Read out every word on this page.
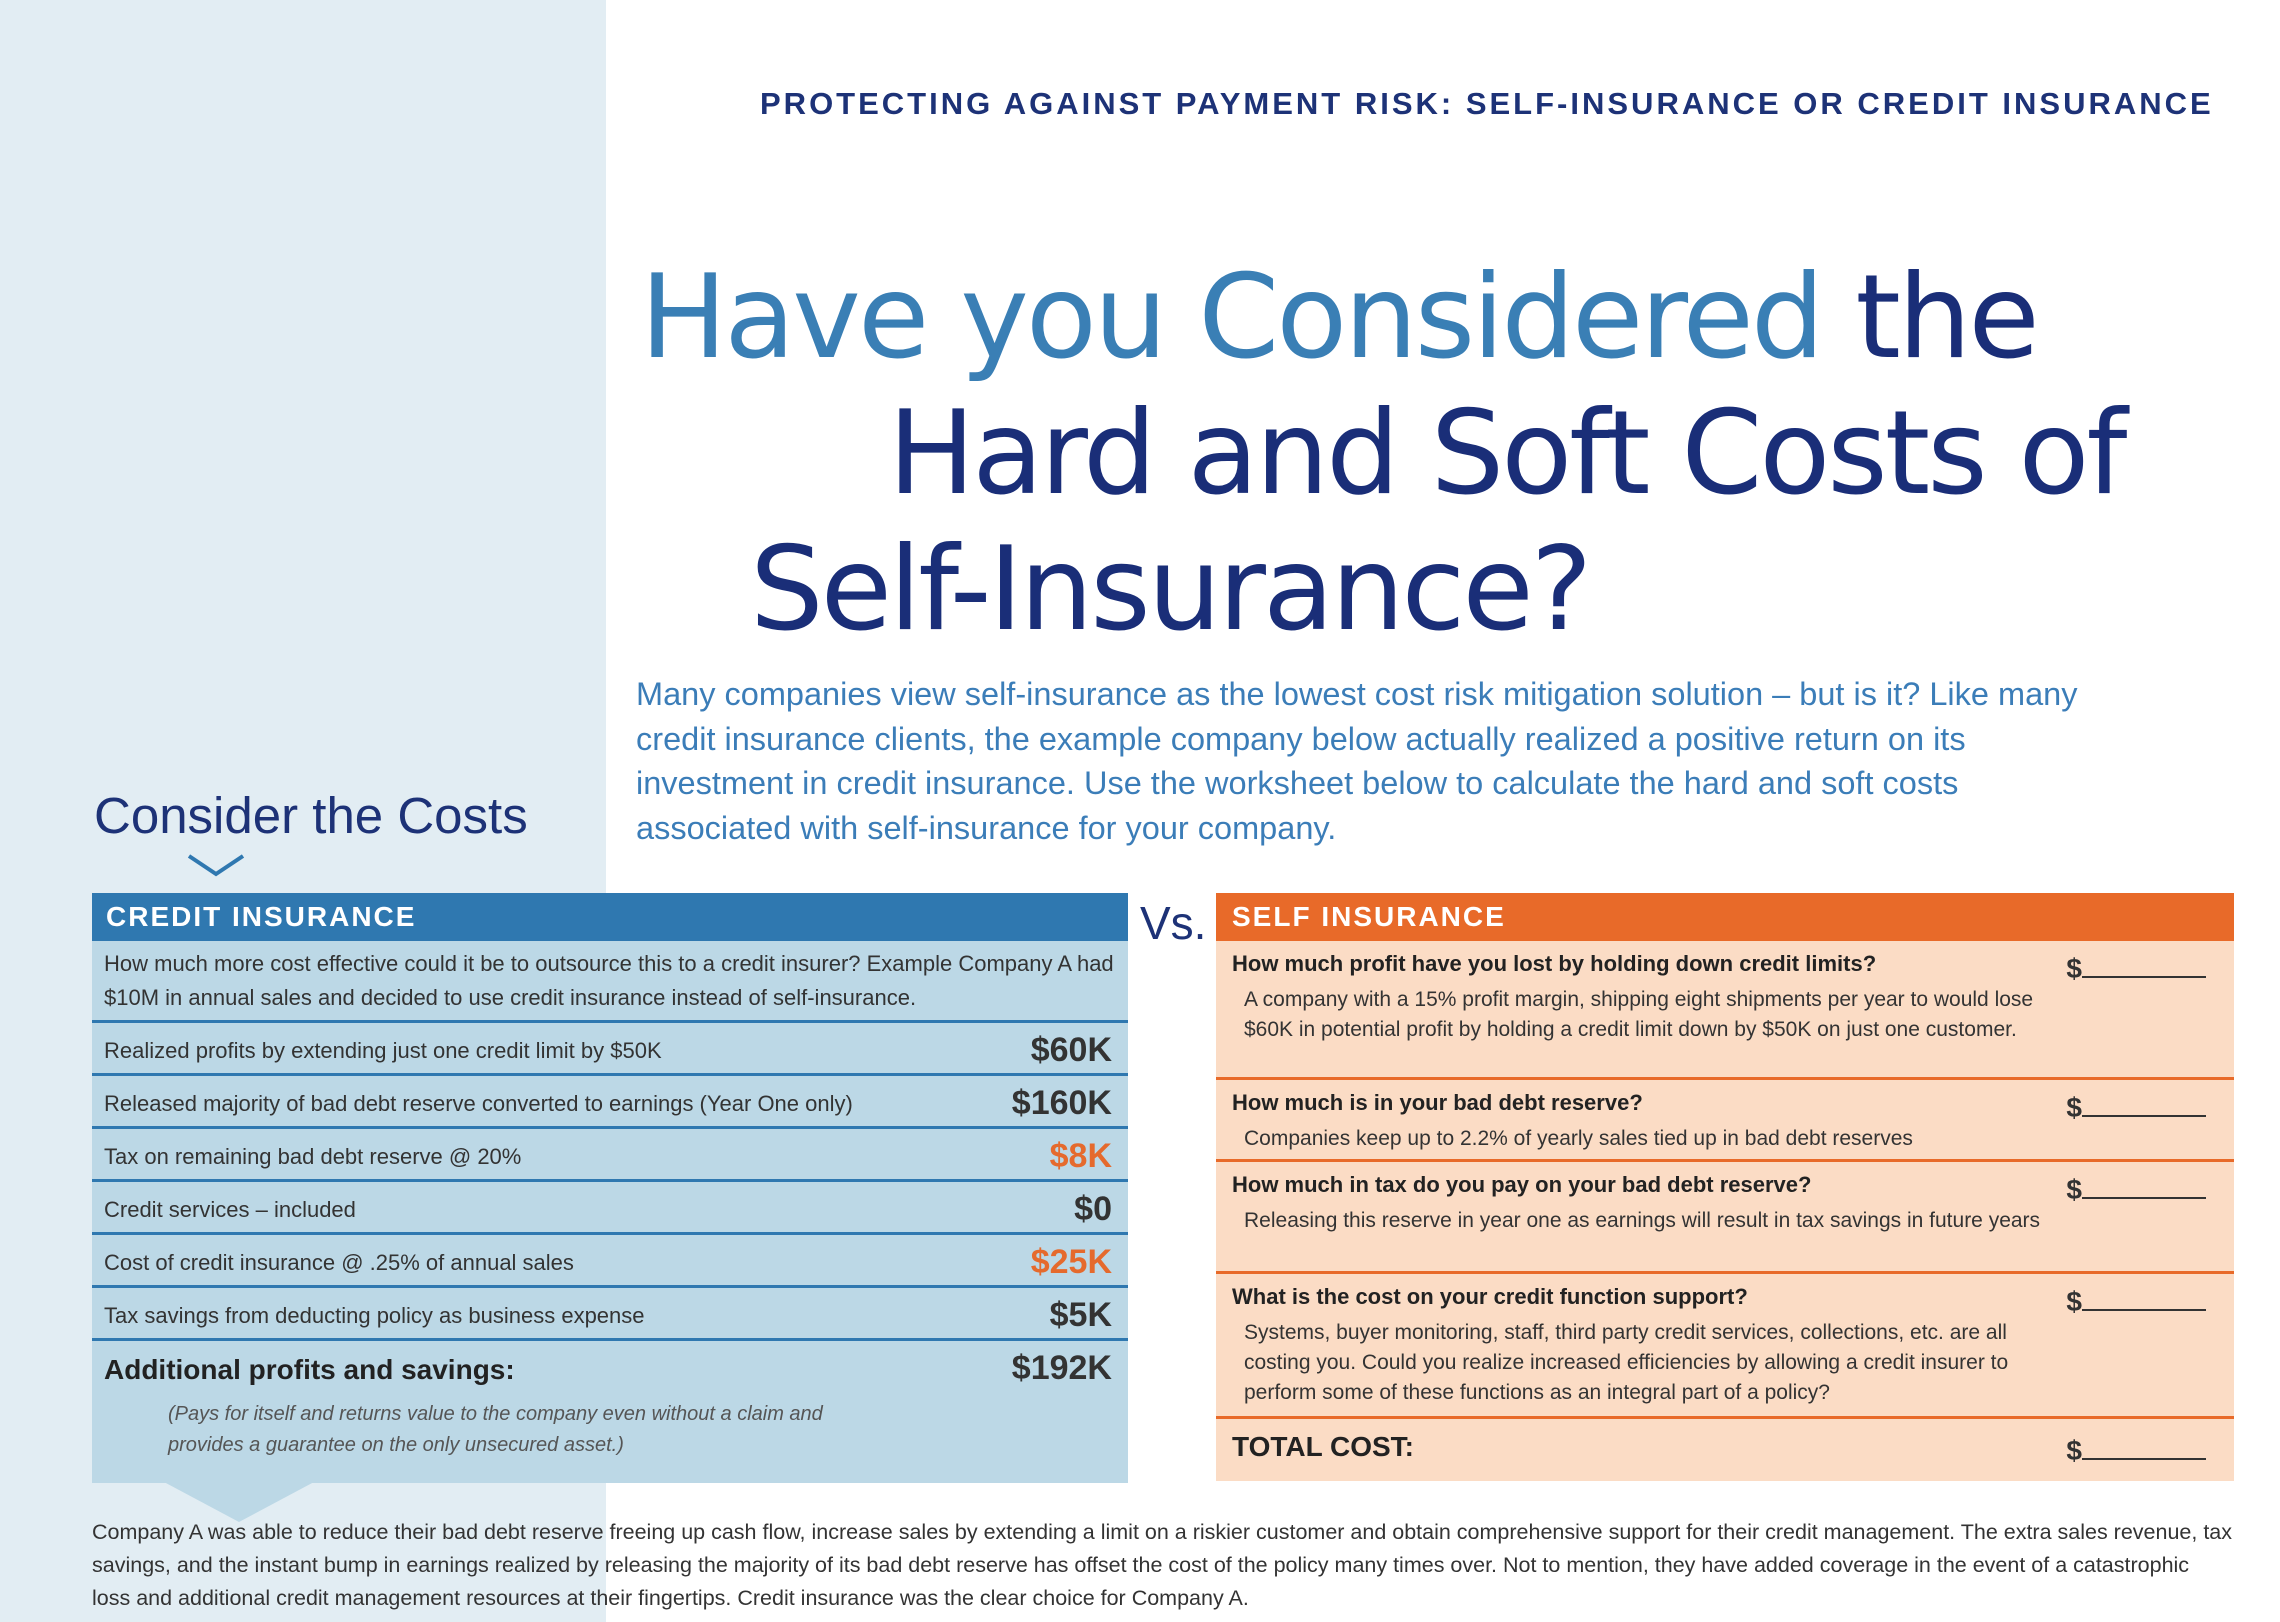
PROTECTING AGAINST PAYMENT RISK: SELF-INSURANCE OR CREDIT INSURANCE
Have you Considered the
Hard and Soft Costs of
Self-Insurance?

Many companies view self-insurance as the lowest cost risk mitigation solution – but is it? Like many credit insurance clients, the example company below actually realized a positive return on its investment in credit insurance. Use the worksheet below to calculate the hard and soft costs associated with self-insurance for your company.

Consider the Costs
CREDIT INSURANCE

How much more cost effective could it be to outsource this to a credit insurer? Example Company A had $10M in annual sales and decided to use credit insurance instead of self-insurance.

Realized profits by extending just one credit limit by $50K	$60K
Released majority of bad debt reserve converted to earnings (Year One only)	$160K
Tax on remaining bad debt reserve @ 20%	$8K
Credit services – included	$0
Cost of credit insurance @ .25% of annual sales	$25K
Tax savings from deducting policy as business expense	$5K
Additional profits and savings:	$192K
(Pays for itself and returns value to the company even without a claim and provides a guarantee on the only unsecured asset.)
Vs. SELF INSURANCE
How much profit have you lost by holding down credit limits?
A company with a 15% profit margin, shipping eight shipments per year to would lose $60K in potential profit by holding a credit limit down by $50K on just one customer.
$
How much is in your bad debt reserve?
Companies keep up to 2.2% of yearly sales tied up in bad debt reserves
$
How much in tax do you pay on your bad debt reserve?
Releasing this reserve in year one as earnings will result in tax savings in future years
$
What is the cost on your credit function support?
Systems, buyer monitoring, staff, third party credit services, collections, etc. are all costing you. Could you realize increased efficiencies by allowing a credit insurer to perform some of these functions as an integral part of a policy?
$
TOTAL COST:	$

Company A was able to reduce their bad debt reserve freeing up cash flow, increase sales by extending a limit on a riskier customer and obtain comprehensive support for their credit management. The extra sales revenue, tax savings, and the instant bump in earnings realized by releasing the majority of its bad debt reserve has offset the cost of the policy many times over. Not to mention, they have added coverage in the event of a catastrophic loss and additional credit management resources at their fingertips. Credit insurance was the clear choice for Company A.
